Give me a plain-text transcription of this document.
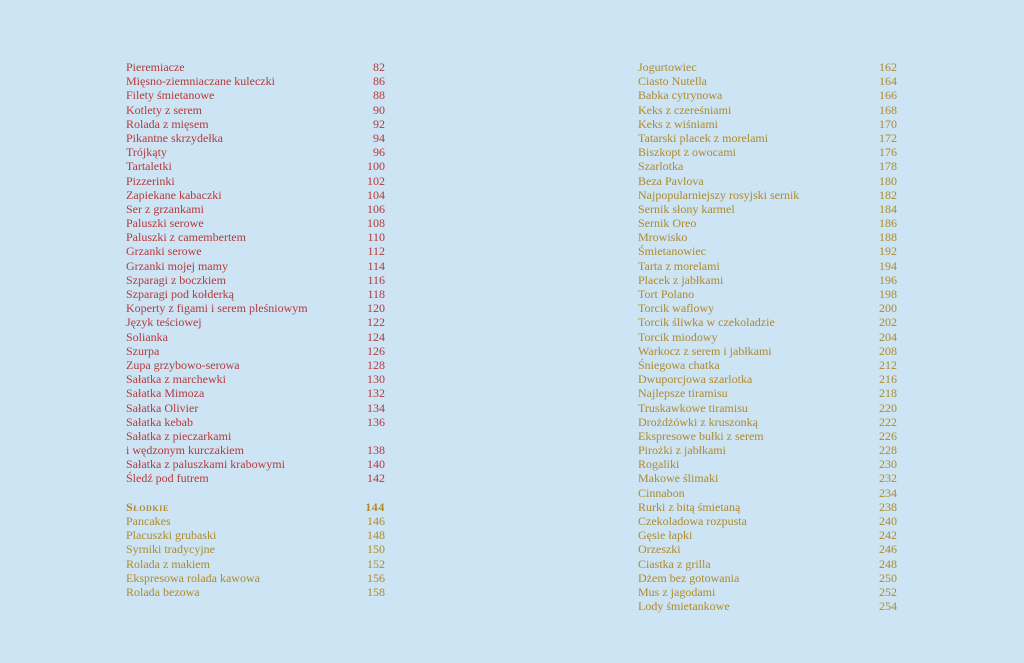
Pieremiacze	82
Mięsno-ziemniaczane kuleczki	86
Filety śmietanowe	88
Kotlety z serem	90
Rolada z mięsem	92
Pikantne skrzydełka	94
Trójkąty	96
Tartaletki	100
Pizzerinki	102
Zapiekane kabaczki	104
Ser z grzankami	106
Paluszki serowe	108
Paluszki z camembertem	110
Grzanki serowe	112
Grzanki mojej mamy	114
Szparagi z boczkiem	116
Szparagi pod kołderką	118
Koperty z figami i serem pleśniowym	120
Język teściowej	122
Solianka	124
Szurpa	126
Zupa grzybowo-serowa	128
Sałatka z marchewki	130
Sałatka Mimoza	132
Sałatka Olivier	134
Sałatka kebab	136
Sałatka z pieczarkami
i wędzonym kurczakiem	138
Sałatka z paluszkami krabowymi	140
Śledź pod futrem	142
Słodkie	144
Pancakes	146
Placuszki grubaski	148
Syrniki tradycyjne	150
Rolada z makiem	152
Ekspresowa rolada kawowa	156
Rolada bezowa	158
Jogurtowiec	162
Ciasto Nutella	164
Babka cytrynowa	166
Keks z czereśniami	168
Keks z wiśniami	170
Tatarski placek z morelami	172
Biszkopt z owocami	176
Szarlotka	178
Beza Pavlova	180
Najpopularniejszy rosyjski sernik	182
Sernik słony karmel	184
Sernik Oreo	186
Mrowisko	188
Śmietanowiec	192
Tarta z morelami	194
Placek z jabłkami	196
Tort Polano	198
Torcik waflowy	200
Torcik śliwka w czekoladzie	202
Torcik miodowy	204
Warkocz z serem i jabłkami	208
Śniegowa chatka	212
Dwuporcjowa szarlotka	216
Najlepsze tiramisu	218
Truskawkowe tiramisu	220
Drożdżówki z kruszonką	222
Ekspresowe bułki z serem	226
Pirożki z jabłkami	228
Rogaliki	230
Makowe ślimaki	232
Cinnabon	234
Rurki z bitą śmietaną	238
Czekoladowa rozpusta	240
Gęsie łapki	242
Orzeszki	246
Ciastka z grilla	248
Dżem bez gotowania	250
Mus z jagodami	252
Lody śmietankowe	254
